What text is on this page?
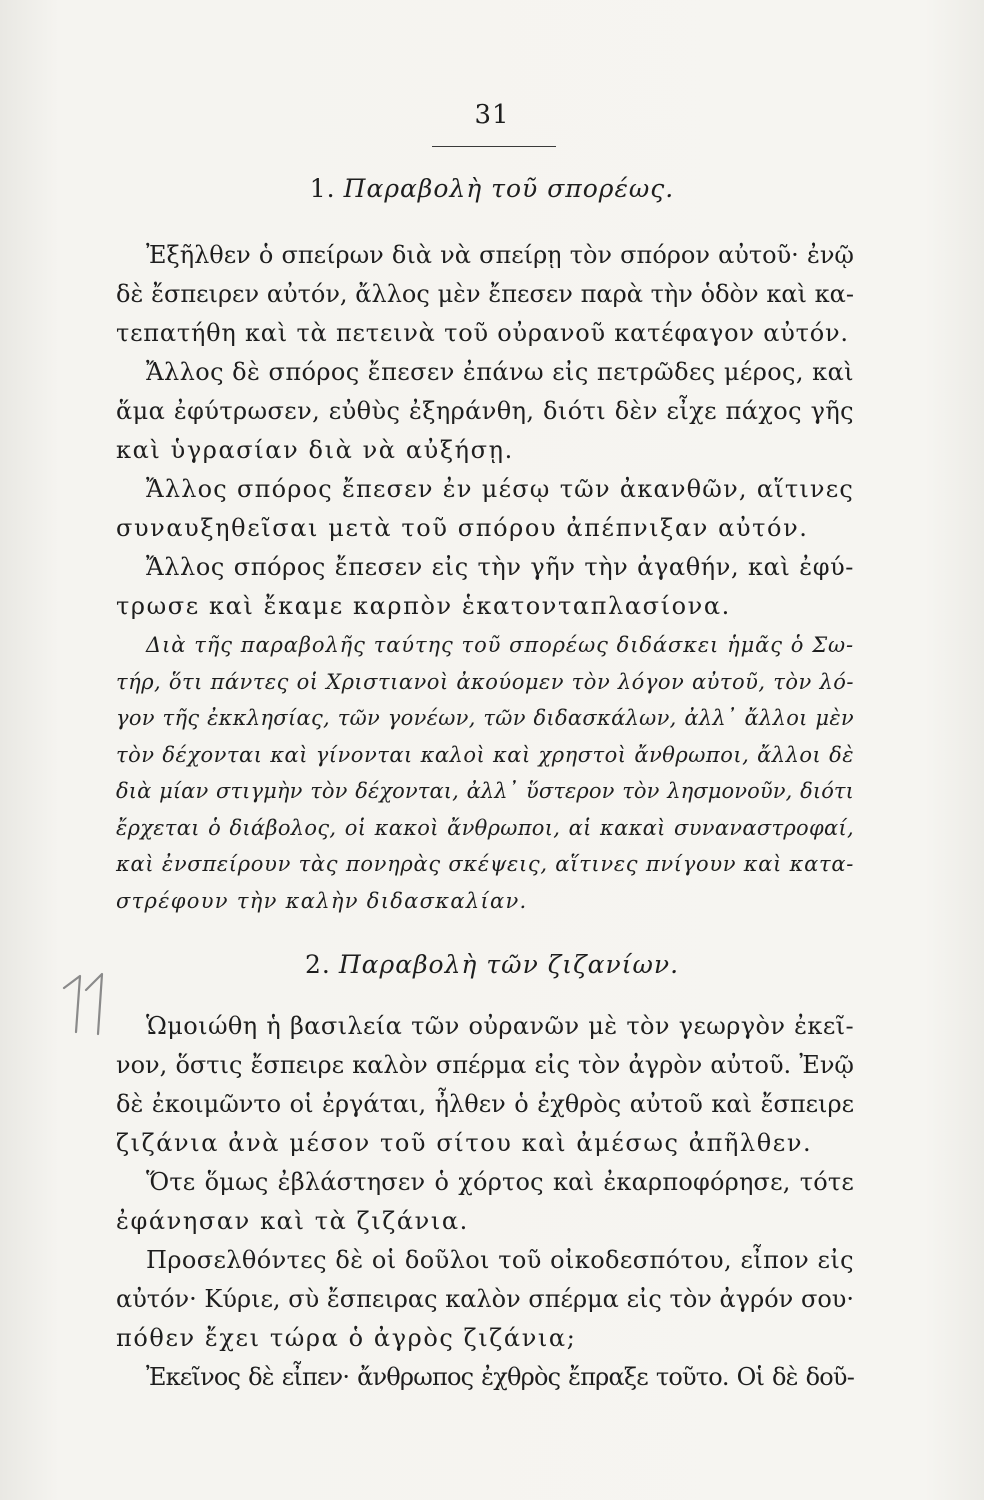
31
1. Παραβολὴ τοῦ σπορέως.
Ἐξῆλθεν ὁ σπείρων διὰ νὰ σπείρῃ τὸν σπόρον αὐτοῦ· ἐνῷ
δὲ ἔσπειρεν αὐτόν, ἄλλος μὲν ἔπεσεν παρὰ τὴν ὁδὸν καὶ κα-
τεπατήθη καὶ τὰ πετεινὰ τοῦ οὐρανοῦ κατέφαγον αὐτόν.
Ἄλλος δὲ σπόρος ἔπεσεν ἐπάνω εἰς πετρῶδες μέρος, καὶ
ἅμα ἐφύτρωσεν, εὐθὺς ἐξηράνθη, διότι δὲν εἶχε πάχος γῆς
καὶ ὑγρασίαν διὰ νὰ αὐξήσῃ.
Ἄλλος σπόρος ἔπεσεν ἐν μέσῳ τῶν ἀκανθῶν, αἵτινες
συναυξηθεῖσαι μετὰ τοῦ σπόρου ἀπέπνιξαν αὐτόν.
Ἄλλος σπόρος ἔπεσεν εἰς τὴν γῆν τὴν ἀγαθήν, καὶ ἐφύ-
τρωσε καὶ ἔκαμε καρπὸν ἑκατονταπλασίονα.
Διὰ τῆς παραβολῆς ταύτης τοῦ σπορέως διδάσκει ἡμᾶς ὁ Σω-
τήρ, ὅτι πάντες οἱ Χριστιανοὶ ἀκούομεν τὸν λόγον αὐτοῦ, τὸν λό-
γον τῆς ἐκκλησίας, τῶν γονέων, τῶν διδασκάλων, ἀλλ᾽ ἄλλοι μὲν
τὸν δέχονται καὶ γίνονται καλοὶ καὶ χρηστοὶ ἄνθρωποι, ἄλλοι δὲ
διὰ μίαν στιγμὴν τὸν δέχονται, ἀλλ᾽ ὕστερον τὸν λησμονοῦν, διότι
ἔρχεται ὁ διάβολος, οἱ κακοὶ ἄνθρωποι, αἱ κακαὶ συναναστροφαί,
καὶ ἐνσπείρουν τὰς πονηρὰς σκέψεις, αἵτινες πνίγουν καὶ κατα-
στρέφουν τὴν καλὴν διδασκαλίαν.
2. Παραβολὴ τῶν ζιζανίων.
Ὡμοιώθη ἡ βασιλεία τῶν οὐρανῶν μὲ τὸν γεωργὸν ἐκεῖ-
νον, ὅστις ἔσπειρε καλὸν σπέρμα εἰς τὸν ἀγρὸν αὐτοῦ. Ἐνῷ
δὲ ἐκοιμῶντο οἱ ἐργάται, ἦλθεν ὁ ἐχθρὸς αὐτοῦ καὶ ἔσπειρε
ζιζάνια ἀνὰ μέσον τοῦ σίτου καὶ ἀμέσως ἀπῆλθεν.
Ὅτε ὅμως ἐβλάστησεν ὁ χόρτος καὶ ἐκαρποφόρησε, τότε
ἐφάνησαν καὶ τὰ ζιζάνια.
Προσελθόντες δὲ οἱ δοῦλοι τοῦ οἰκοδεσπότου, εἶπον εἰς
αὐτόν· Κύριε, σὺ ἔσπειρας καλὸν σπέρμα εἰς τὸν ἀγρόν σου·
πόθεν ἔχει τώρα ὁ ἀγρὸς ζιζάνια;
Ἐκεῖνος δὲ εἶπεν· ἄνθρωπος ἐχθρὸς ἔπραξε τοῦτο. Οἱ δὲ δοῦ-
